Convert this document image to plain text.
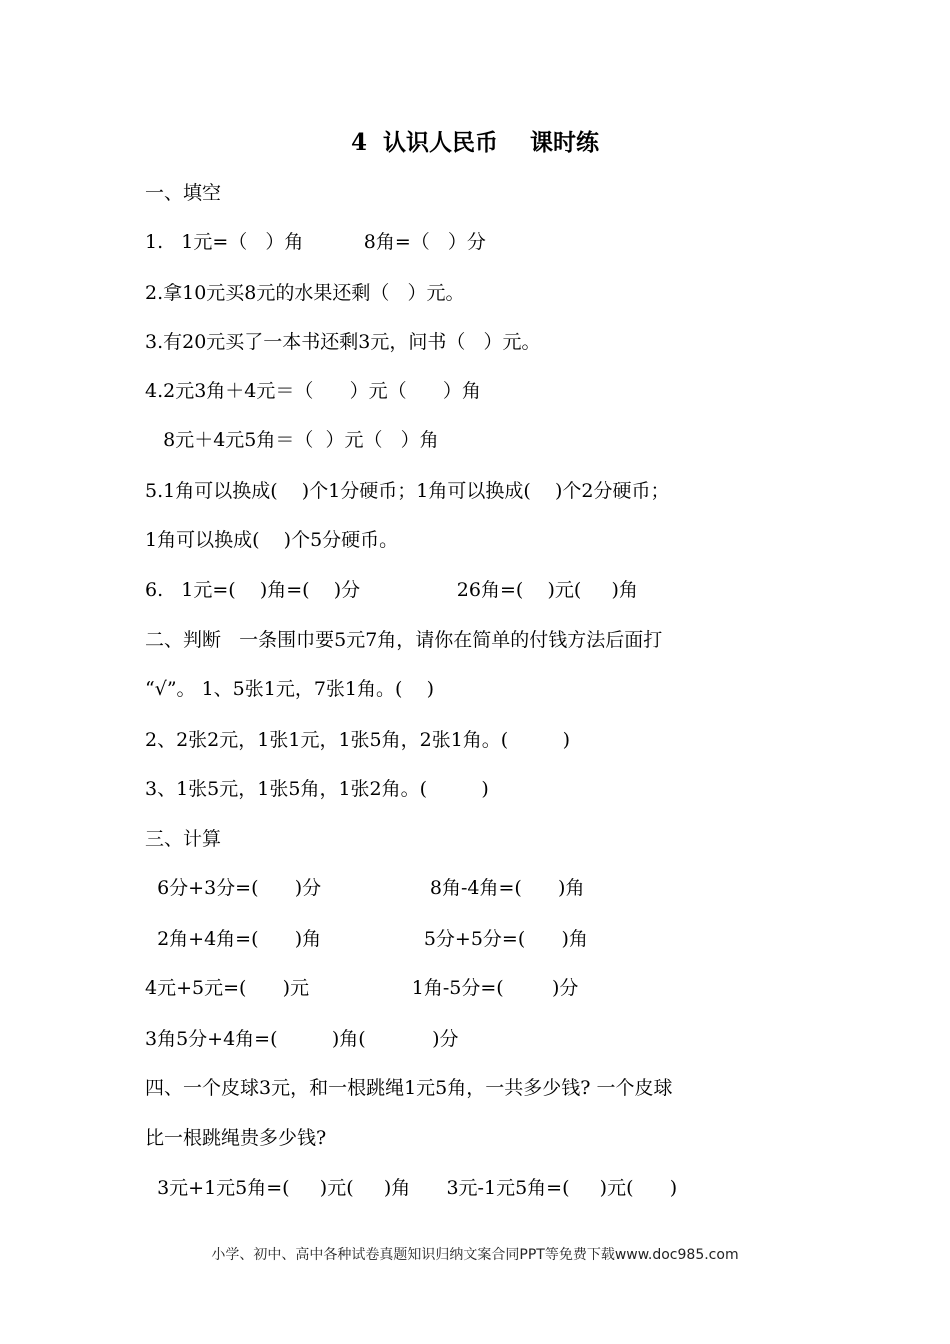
4  认识人民币    课时练
一、填空
1.   1元=（   ）角          8角=（   ）分
2.拿10元买8元的水果还剩（   ）元。
3.有20元买了一本书还剩3元，问书（   ）元。
4.2元3角＋4元＝（      ）元（      ）角
8元＋4元5角＝（  ）元（   ）角
5.1角可以换成(    )个1分硬币；1角可以换成(    )个2分硬币；
1角可以换成(    )个5分硬币。
6.   1元=(    )角=(    )分                26角=(    )元(     )角
二、判断   一条围巾要5元7角，请你在简单的付钱方法后面打
“√”。 1、5张1元，7张1角。(    )
2、2张2元，1张1元，1张5角，2张1角。(         )
3、1张5元，1张5角，1张2角。(         )
三、计算
6分+3分=(      )分                  8角-4角=(      )角
2角+4角=(      )角                 5分+5分=(      )角
4元+5元=(      )元                 1角-5分=(        )分
3角5分+4角=(         )角(           )分
四、一个皮球3元，和一根跳绳1元5角，一共多少钱? 一个皮球
比一根跳绳贵多少钱?
3元+1元5角=(     )元(     )角      3元-1元5角=(     )元(      )
小学、初中、高中各种试卷真题知识归纳文案合同PPT等免费下载www.doc985.com
